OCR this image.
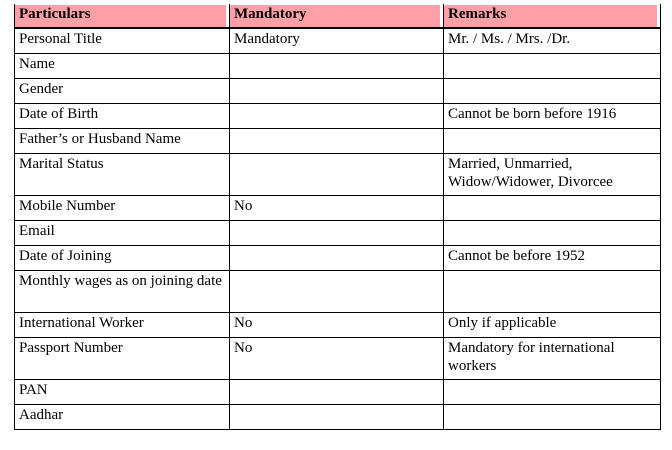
Particulars	Mandatory	Remarks

Personal Title	Mandatory	Mr. / Ms. / Mrs. /Dr.
Name		
Gender		
Date of Birth		Cannot be born before 1916
Father’s or Husband Name		
Marital Status		Married, Unmarried, Widow/Widower, Divorcee
Mobile Number	No	
Email		
Date of Joining		Cannot be before 1952
Monthly wages as on joining date		
International Worker	No	Only if applicable
Passport Number	No	Mandatory for international workers
PAN		
Aadhar		
